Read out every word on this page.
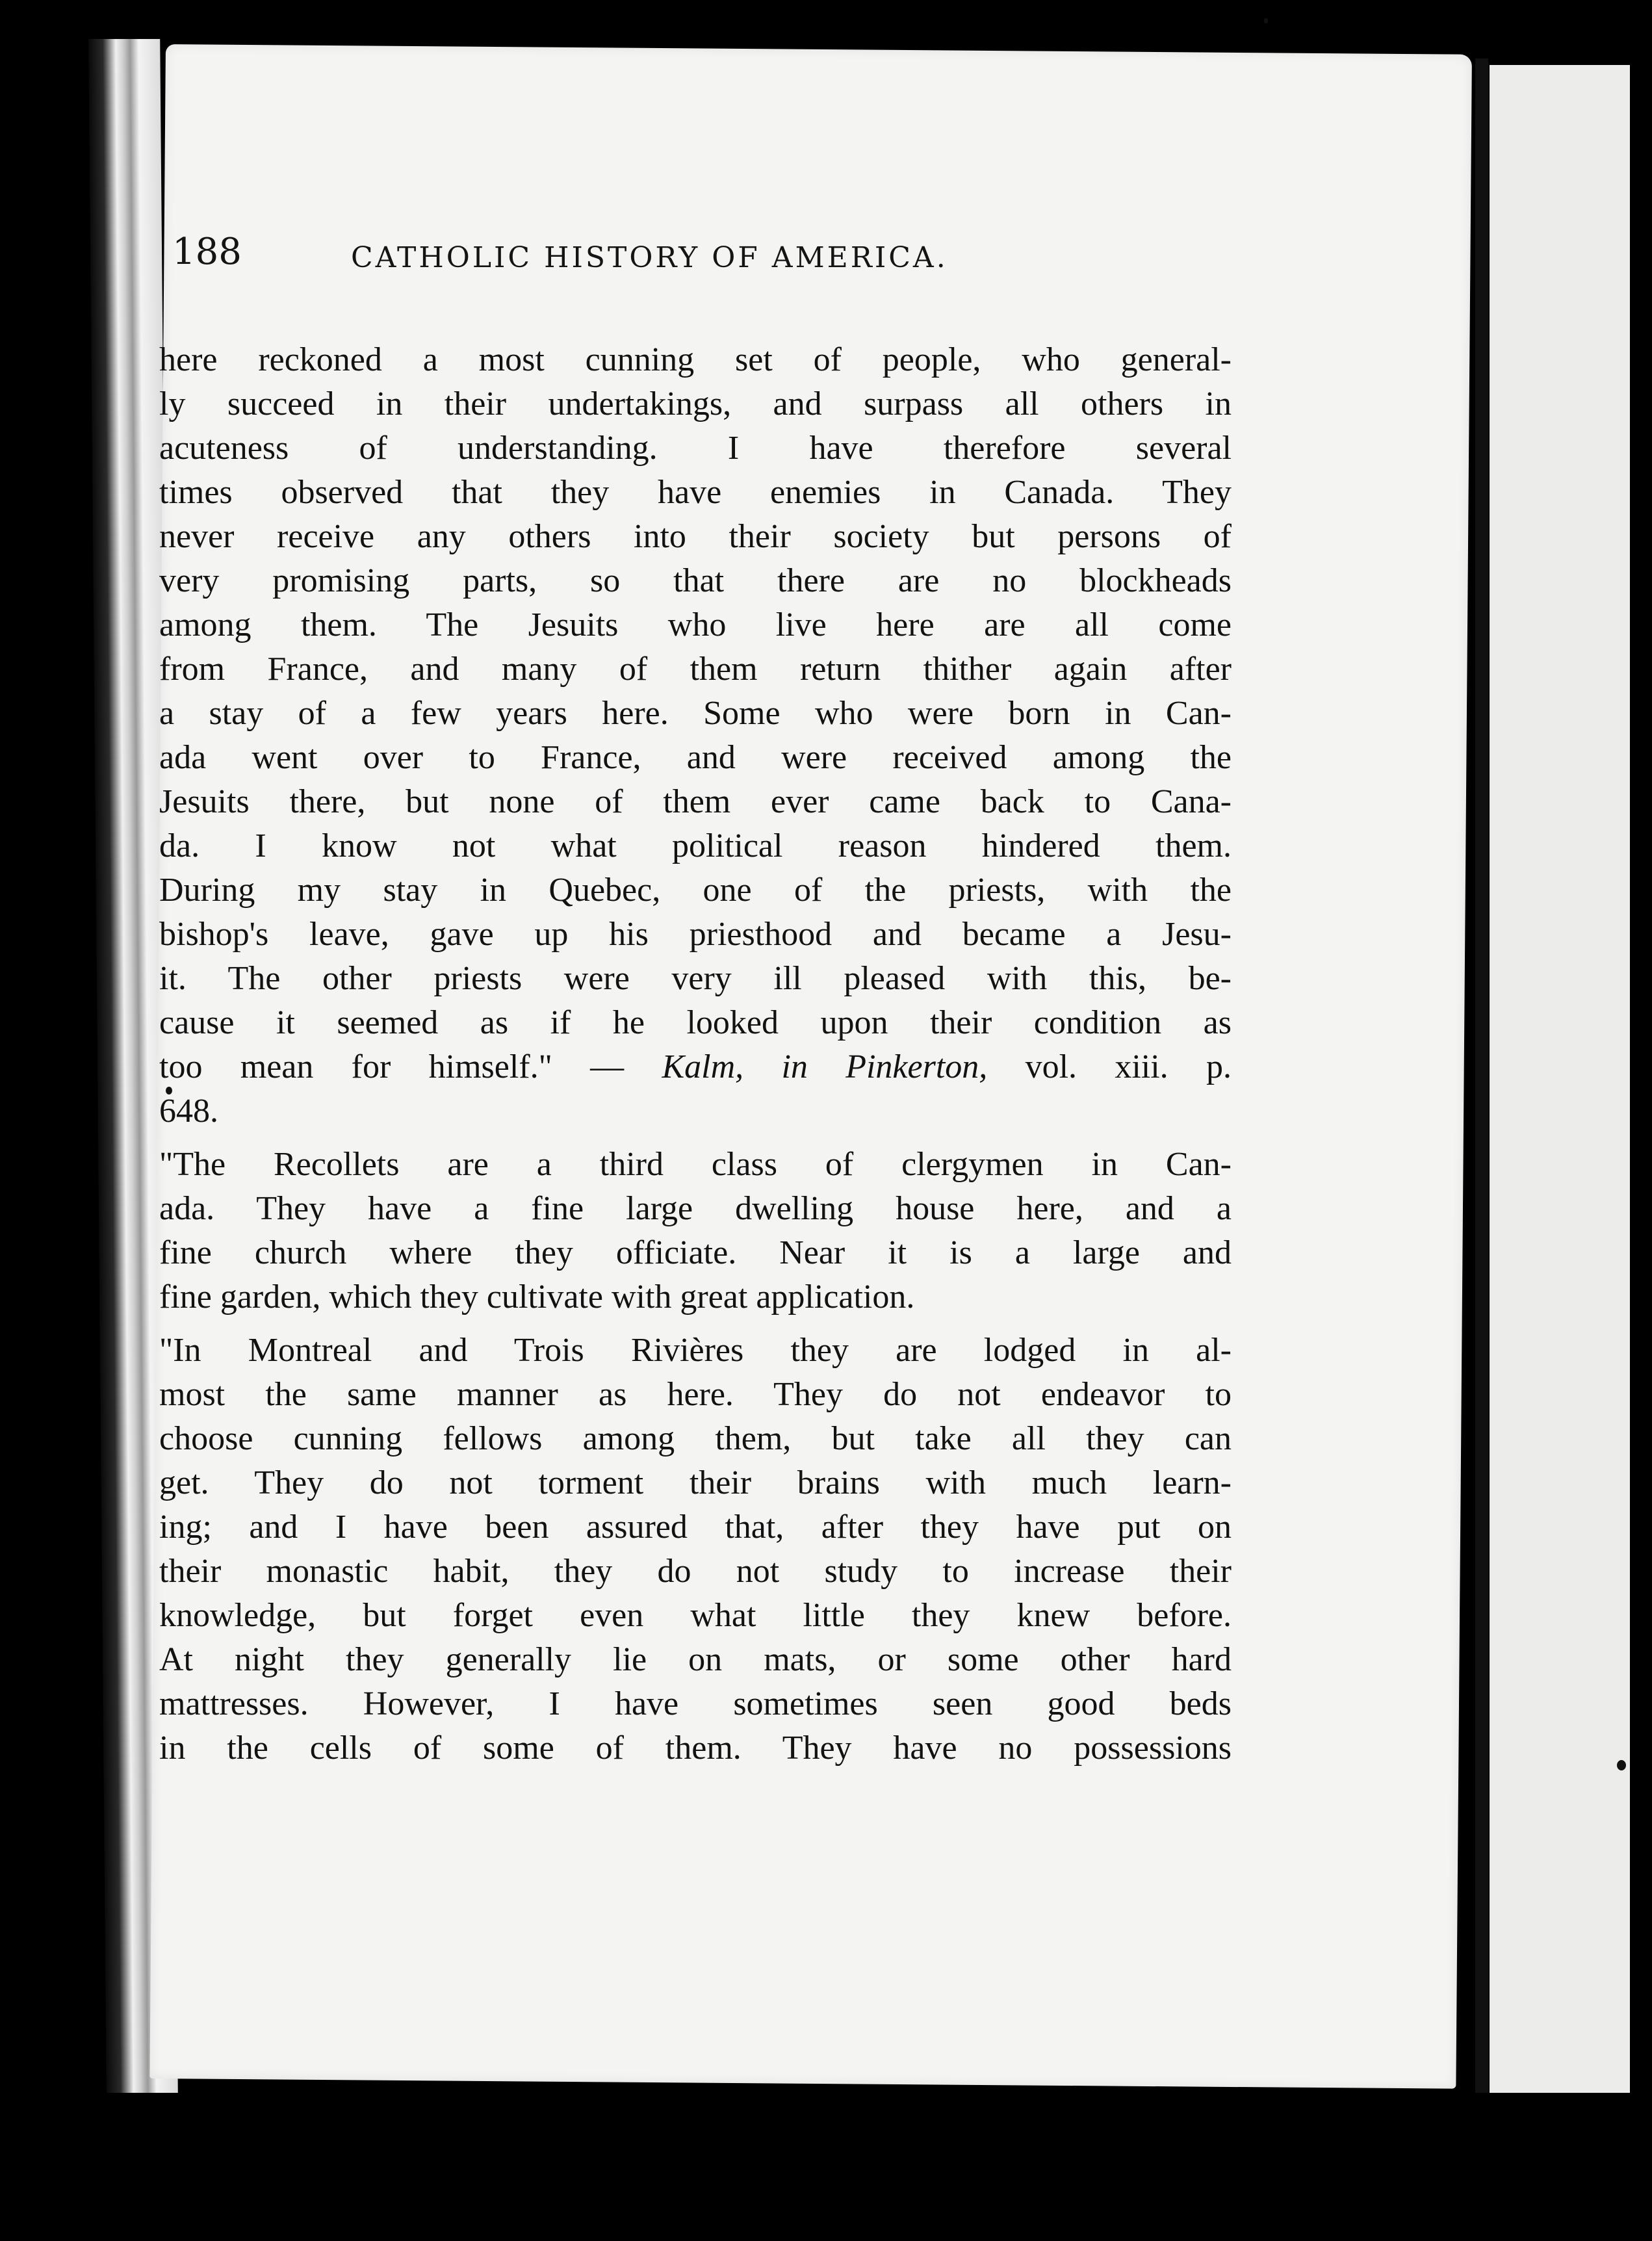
188	CATHOLIC HISTORY OF AMERICA.
here reckoned a most cunning set of people, who general-
ly succeed in their undertakings, and surpass all others in
acuteness of understanding. I have therefore several
times observed that they have enemies in Canada. They
never receive any others into their society but persons of
very promising parts, so that there are no blockheads
among them. The Jesuits who live here are all come
from France, and many of them return thither again after
a stay of a few years here. Some who were born in Can-
ada went over to France, and were received among the
Jesuits there, but none of them ever came back to Cana-
da. I know not what political reason hindered them.
During my stay in Quebec, one of the priests, with the
bishop's leave, gave up his priesthood and became a Jesu-
it. The other priests were very ill pleased with this, be-
cause it seemed as if he looked upon their condition as
too mean for himself." — Kalm, in Pinkerton, vol. xiii. p.
648.
"The Recollets are a third class of clergymen in Can-
ada. They have a fine large dwelling house here, and a
fine church where they officiate. Near it is a large and
fine garden, which they cultivate with great application.
"In Montreal and Trois Rivières they are lodged in al-
most the same manner as here. They do not endeavor to
choose cunning fellows among them, but take all they can
get. They do not torment their brains with much learn-
ing; and I have been assured that, after they have put on
their monastic habit, they do not study to increase their
knowledge, but forget even what little they knew before.
At night they generally lie on mats, or some other hard
mattresses. However, I have sometimes seen good beds
in the cells of some of them. They have no possessions
